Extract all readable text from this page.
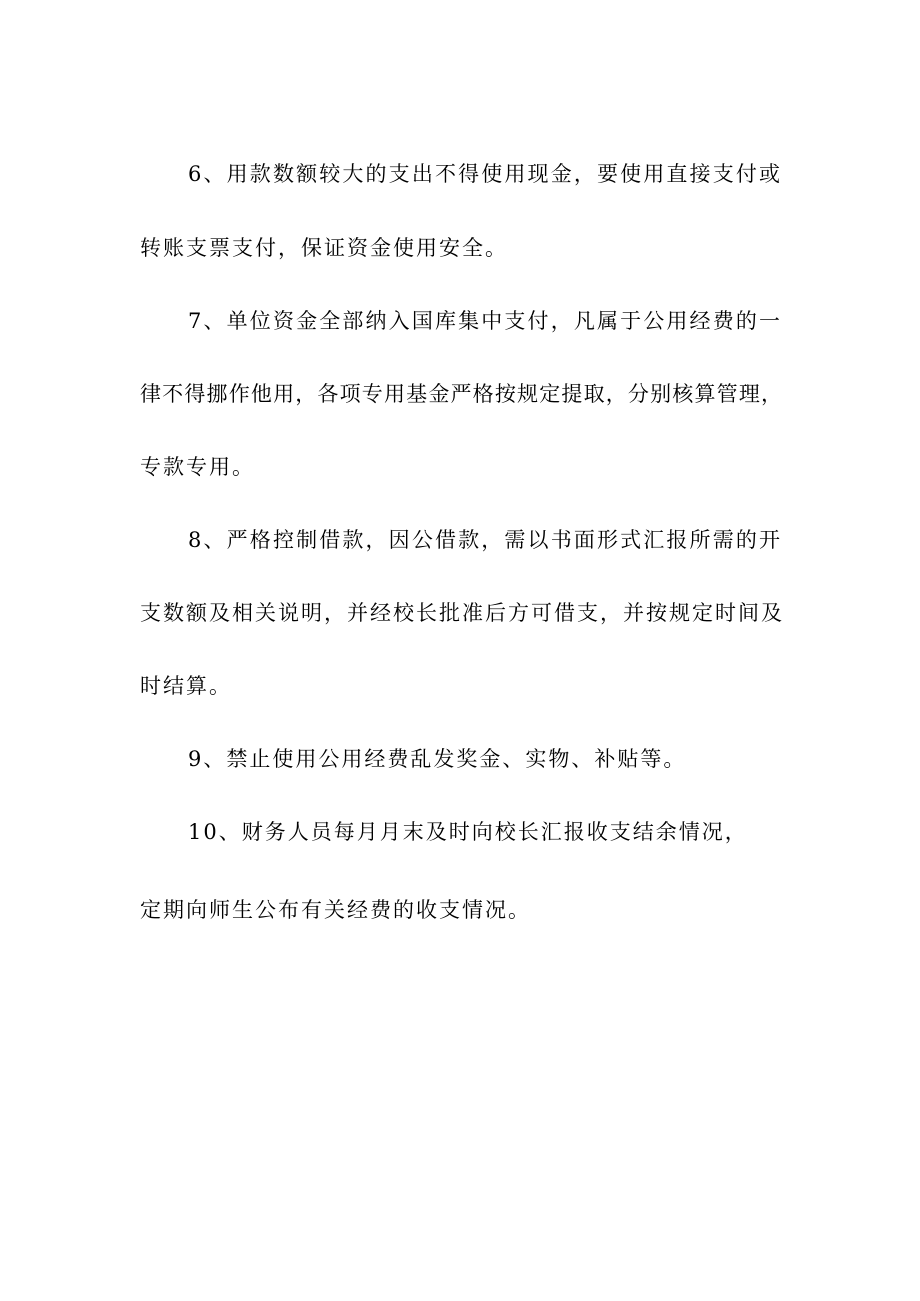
6、用款数额较大的支出不得使用现金，要使用直接支付或
转账支票支付，保证资金使用安全。
7、单位资金全部纳入国库集中支付，凡属于公用经费的一
律不得挪作他用，各项专用基金严格按规定提取，分别核算管理，
专款专用。
8、严格控制借款，因公借款，需以书面形式汇报所需的开
支数额及相关说明，并经校长批准后方可借支，并按规定时间及
时结算。
9、禁止使用公用经费乱发奖金、实物、补贴等。
10、财务人员每月月末及时向校长汇报收支结余情况，
定期向师生公布有关经费的收支情况。
